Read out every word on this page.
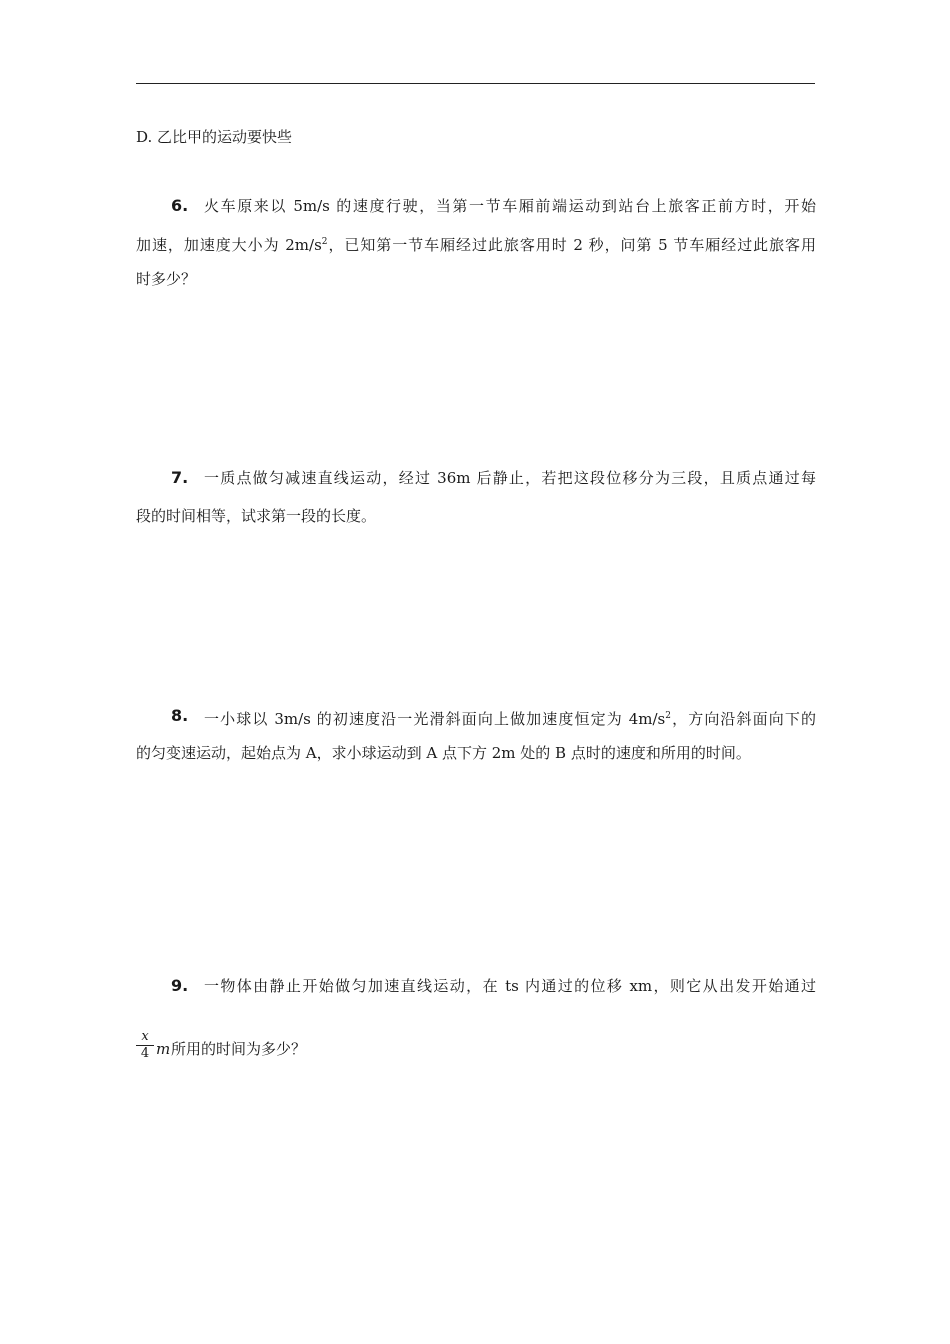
D. 乙比甲的运动要快些
6. 火车原来以 5m/s 的速度行驶，当第一节车厢前端运动到站台上旅客正前方时，开始
加速，加速度大小为 $2m/s^2$，已知第一节车厢经过此旅客用时 2 秒，问第 5 节车厢经过此旅客用
时多少？
7. 一质点做匀减速直线运动，经过 36m 后静止，若把这段位移分为三段，且质点通过每
段的时间相等，试求第一段的长度。
8. 一小球以 3m/s 的初速度沿一光滑斜面向上做加速度恒定为 $4m/s^2$，方向沿斜面向下的
的匀变速运动，起始点为 A，求小球运动到 A 点下方 2m 处的 B 点时的速度和所用的时间。
9. 一物体由静止开始做匀加速直线运动，在 ts 内通过的位移 xm，则它从出发开始通过
x
4 m 所用的时间为多少？
